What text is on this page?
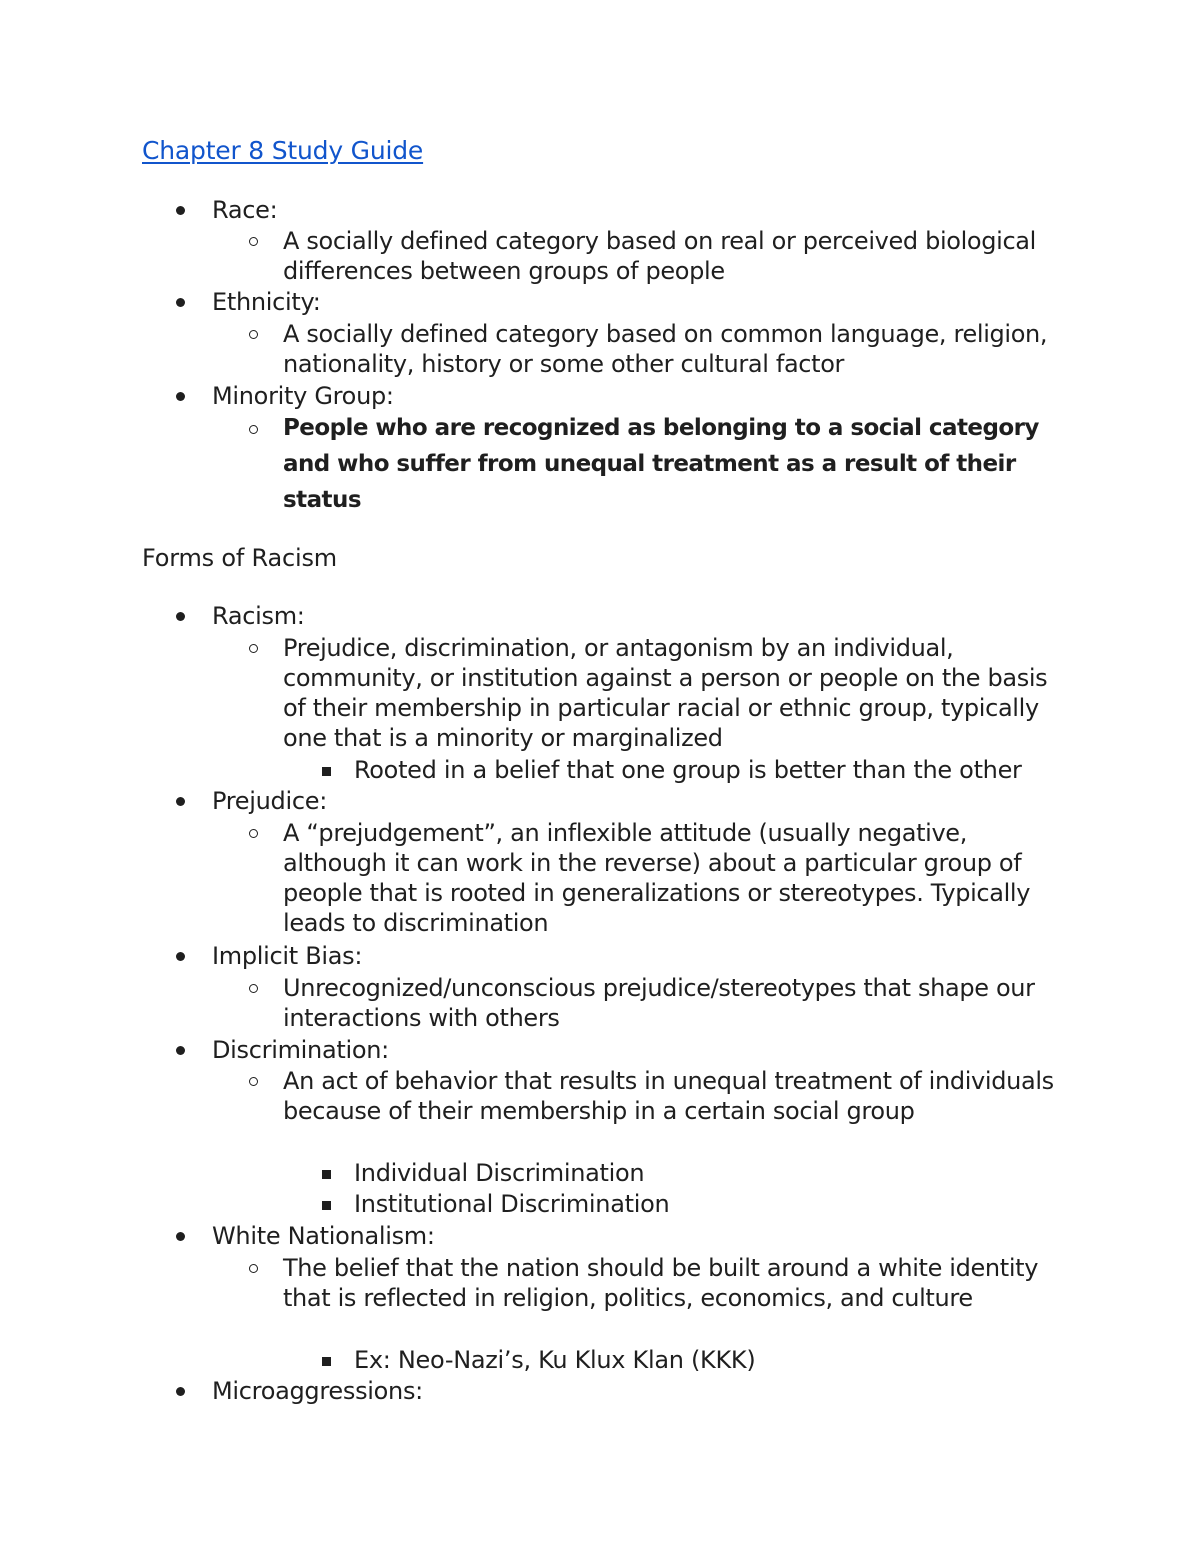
Chapter 8 Study Guide
Race:
A socially defined category based on real or perceived biological differences between groups of people
Ethnicity:
A socially defined category based on common language, religion, nationality, history or some other cultural factor
Minority Group:
People who are recognized as belonging to a social category and who suffer from unequal treatment as a result of their status
Forms of Racism
Racism:
Prejudice, discrimination, or antagonism by an individual, community, or institution against a person or people on the basis of their membership in particular racial or ethnic group, typically one that is a minority or marginalized
Rooted in a belief that one group is better than the other
Prejudice:
A “prejudgement”, an inflexible attitude (usually negative, although it can work in the reverse) about a particular group of people that is rooted in generalizations or stereotypes. Typically leads to discrimination
Implicit Bias:
Unrecognized/unconscious prejudice/stereotypes that shape our interactions with others
Discrimination:
An act of behavior that results in unequal treatment of individuals because of their membership in a certain social group
Individual Discrimination
Institutional Discrimination
White Nationalism:
The belief that the nation should be built around a white identity that is reflected in religion, politics, economics, and culture
Ex: Neo-Nazi’s, Ku Klux Klan (KKK)
Microaggressions:
